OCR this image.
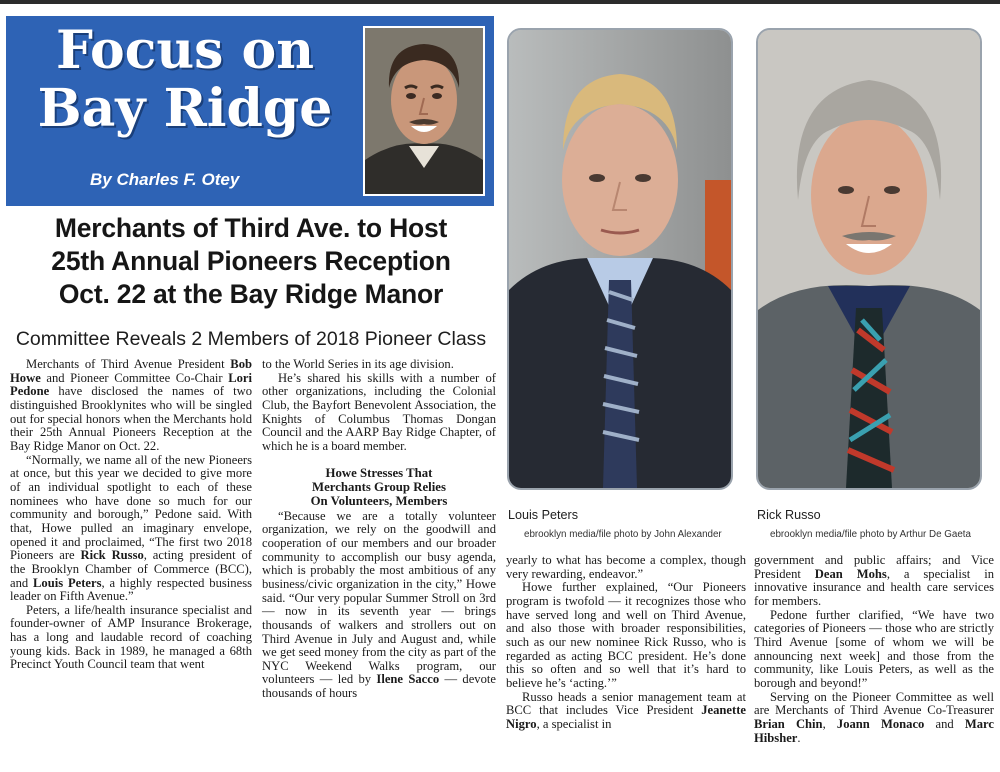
Focus on
Bay Ridge
By Charles F. Otey
Merchants of Third Ave. to Host
25th Annual Pioneers Reception
Oct. 22 at the Bay Ridge Manor
Committee Reveals 2 Members of 2018 Pioneer Class

Merchants of Third Avenue President Bob Howe and Pioneer Committee Co-Chair Lori Pedone have disclosed the names of two distinguished Brooklynites who will be singled out for special honors when the Merchants hold their 25th Annual Pioneers Reception at the Bay Ridge Manor on Oct. 22.

“Normally, we name all of the new Pioneers at once, but this year we decided to give more of an individual spotlight to each of these nominees who have done so much for our community and borough,” Pedone said. With that, Howe pulled an imaginary envelope, opened it and proclaimed, “The first two 2018 Pioneers are Rick Russo, acting president of the Brooklyn Chamber of Commerce (BCC), and Louis Peters, a highly respected business leader on Fifth Avenue.”

Peters, a life/health insurance specialist and founder-owner of AMP Insurance Brokerage, has a long and laudable record of coaching young kids. Back in 1989, he managed a 68th Precinct Youth Council team that went

to the World Series in its age division.

He’s shared his skills with a number of other organizations, including the Colonial Club, the Bayfort Benevolent Association, the Knights of Columbus Thomas Dongan Council and the AARP Bay Ridge Chapter, of which he is a board member.

Howe Stresses That
Merchants Group Relies
On Volunteers, Members

“Because we are a totally volunteer organization, we rely on the goodwill and cooperation of our members and our broader community to accomplish our busy agenda, which is probably the most ambitious of any business/civic organization in the city,” Howe said. “Our very popular Summer Stroll on 3rd — now in its seventh year — brings thousands of walkers and strollers out on Third Avenue in July and August and, while we get seed money from the city as part of the NYC Weekend Walks program, our volunteers — led by Ilene Sacco — devote thousands of hours

Louis Peters
ebrooklyn media/file photo by John Alexander
Rick Russo
ebrooklyn media/file photo by Arthur De Gaeta

yearly to what has become a complex, though very rewarding, endeavor.”

Howe further explained, “Our Pioneers program is twofold — it recognizes those who have served long and well on Third Avenue, and also those with broader responsibilities, such as our new nominee Rick Russo, who is regarded as acting BCC president. He’s done this so often and so well that it’s hard to believe he’s ‘acting.’”

Russo heads a senior management team at BCC that includes Vice President Jeanette Nigro, a specialist in

government and public affairs; and Vice President Dean Mohs, a specialist in innovative insurance and health care services for members.

Pedone further clarified, “We have two categories of Pioneers — those who are strictly Third Avenue [some of whom we will be announcing next week] and those from the community, like Louis Peters, as well as the borough and beyond!”

Serving on the Pioneer Committee as well are Merchants of Third Avenue Co-Treasurer Brian Chin, Joann Monaco and Marc Hibsher.
